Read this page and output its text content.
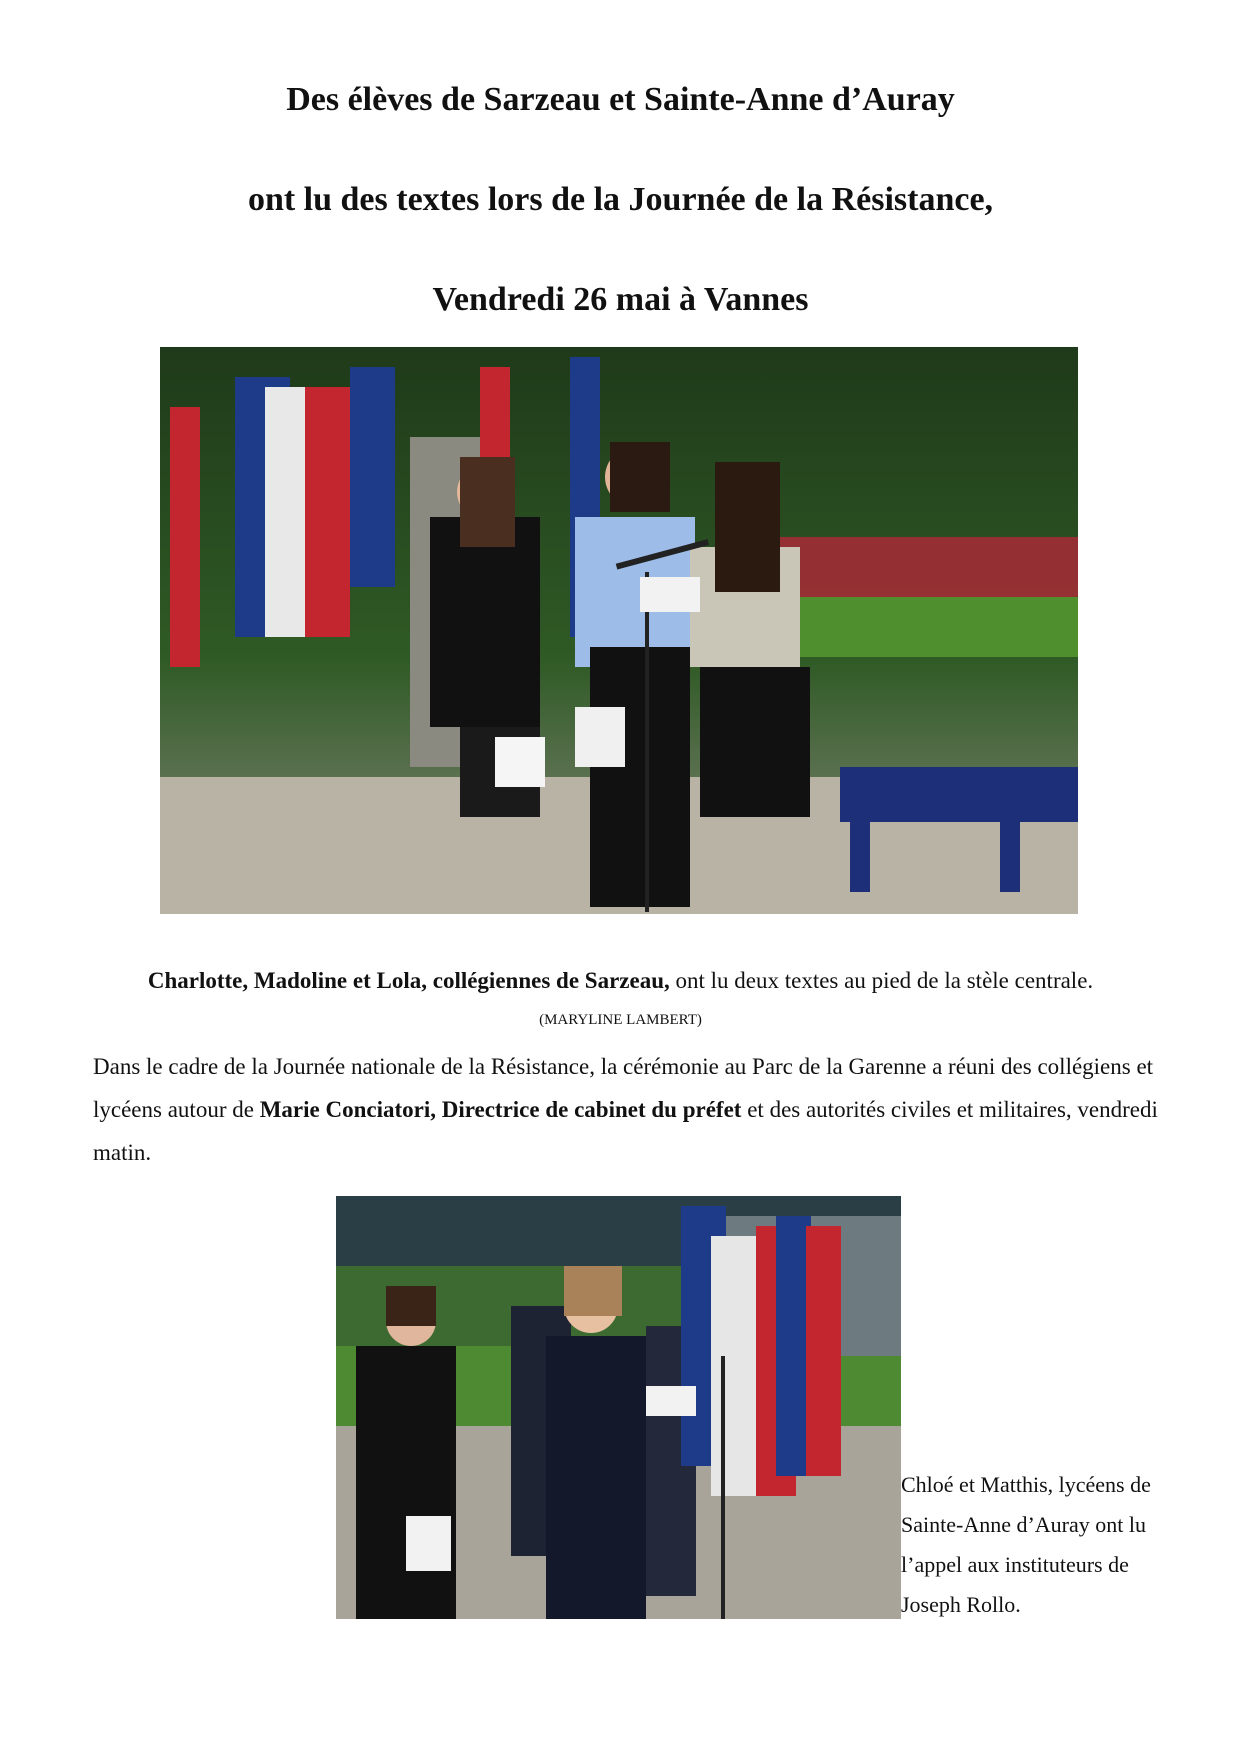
Des élèves de Sarzeau et Sainte-Anne d’Auray
ont lu des textes lors de la Journée de la Résistance,
Vendredi 26 mai à Vannes
Charlotte, Madoline et Lola, collégiennes de Sarzeau, ont lu deux textes au pied de la stèle centrale.
(MARYLINE LAMBERT)

Dans le cadre de la Journée nationale de la Résistance, la cérémonie au Parc de la Garenne a réuni des collégiens et lycéens autour de Marie Conciatori, Directrice de cabinet du préfet et des autorités civiles et militaires, vendredi matin.

Chloé et Matthis, lycéens de Sainte-Anne d’Auray ont lu l’appel aux instituteurs de Joseph Rollo.
